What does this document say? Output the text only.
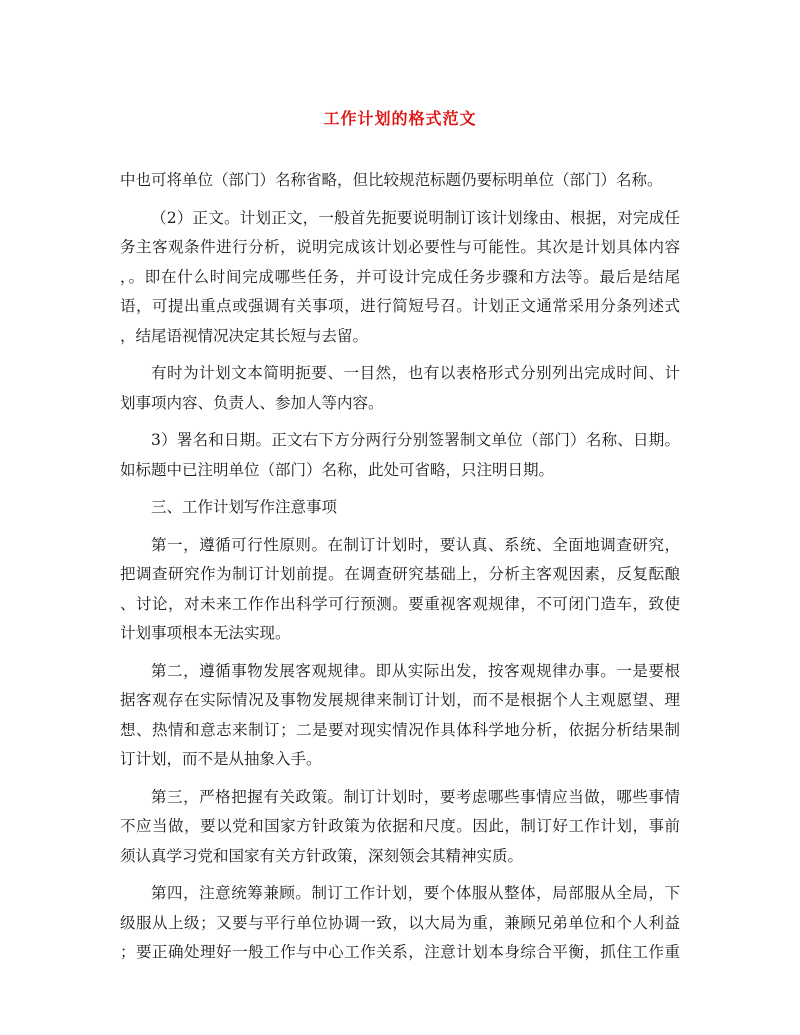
工作计划的格式范文
中也可将单位（部门）名称省略，但比较规范标题仍要标明单位（部门）名称。
（2）正文。计划正文，一般首先扼要说明制订该计划缘由、根据，对完成任
务主客观条件进行分析，说明完成该计划必要性与可能性。其次是计划具体内容
，。即在什么时间完成哪些任务，并可设计完成任务步骤和方法等。最后是结尾
语，可提出重点或强调有关事项，进行简短号召。计划正文通常采用分条列述式
，结尾语视情况决定其长短与去留。
有时为计划文本简明扼要、一目然，也有以表格形式分别列出完成时间、计
划事项内容、负责人、参加人等内容。
3）署名和日期。正文右下方分两行分别签署制文单位（部门）名称、日期。
如标题中已注明单位（部门）名称，此处可省略，只注明日期。
三、工作计划写作注意事项
第一，遵循可行性原则。在制订计划时，要认真、系统、全面地调查研究，
把调查研究作为制订计划前提。在调查研究基础上，分析主客观因素，反复酝酿
、讨论，对未来工作作出科学可行预测。要重视客观规律，不可闭门造车，致使
计划事项根本无法实现。
第二，遵循事物发展客观规律。即从实际出发，按客观规律办事。一是要根
据客观存在实际情况及事物发展规律来制订计划，而不是根据个人主观愿望、理
想、热情和意志来制订；二是要对现实情况作具体科学地分析，依据分析结果制
订计划，而不是从抽象入手。
第三，严格把握有关政策。制订计划时，要考虑哪些事情应当做，哪些事情
不应当做，要以党和国家方针政策为依据和尺度。因此，制订好工作计划，事前
须认真学习党和国家有关方针政策，深刻领会其精神实质。
第四，注意统筹兼顾。制订工作计划，要个体服从整体，局部服从全局，下
级服从上级；又要与平行单位协调一致，以大局为重，兼顾兄弟单位和个人利益
；要正确处理好一般工作与中心工作关系，注意计划本身综合平衡，抓住工作重
